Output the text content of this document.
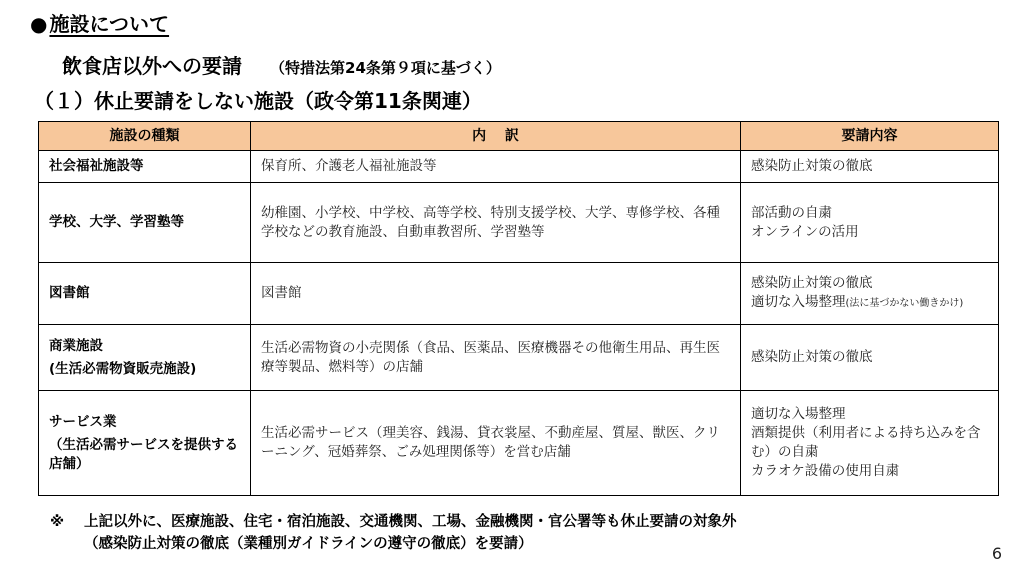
● 施設について
飲食店以外への要請 （特措法第24条第９項に基づく）
（１）休止要請をしない施設（政令第11条関連）
施設の種類	内　 訳	要請内容
社会福祉施設等	保育所、介護老人福祉施設等	感染防止対策の徹底
学校、大学、学習塾等	幼稚園、小学校、中学校、高等学校、特別支援学校、大学、専修学校、各種学校などの教育施設、自動車教習所、学習塾等	部活動の自粛
オンラインの活用

図書館	図書館	感染防止対策の徹底
適切な入場整理(法に基づかない働きかけ)

商業施設
(生活必需物資販売施設)	生活必需物資の小売関係（食品、医薬品、医療機器その他衛生用品、再生医療等製品、燃料等）の店舗	感染防止対策の徹底

サービス業
（生活必需サービスを提供する店舗）	生活必需サービス（理美容、銭湯、貸衣裳屋、不動産屋、質屋、獣医、クリーニング、冠婚葬祭、ごみ処理関係等）を営む店舗	適切な入場整理
酒類提供（利用者による持ち込みを含む）の自粛
カラオケ設備の使用自粛
※ 上記以外に、医療施設、住宅・宿泊施設、交通機関、工場、金融機関・官公署等も休止要請の対象外
（感染防止対策の徹底（業種別ガイドラインの遵守の徹底）を要請）	6
